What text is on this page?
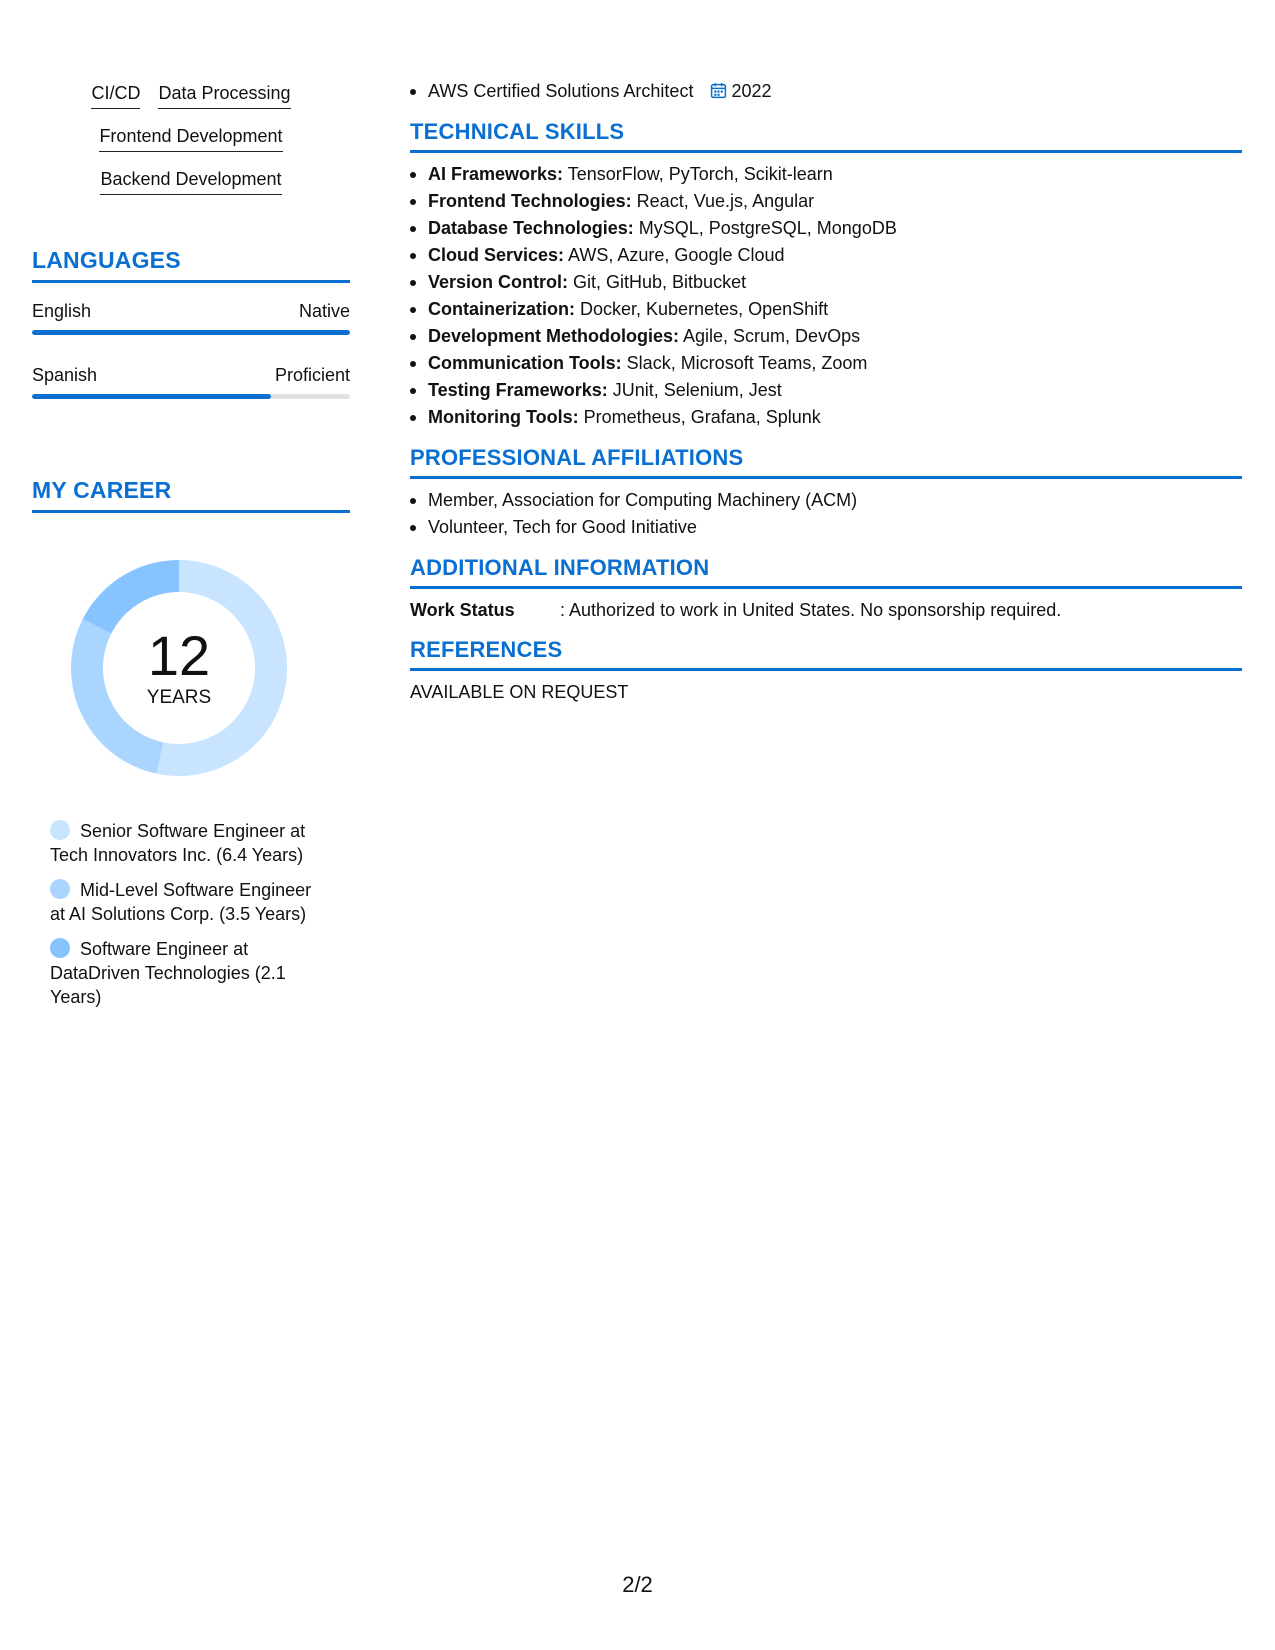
CI/CD Data Processing
Frontend Development
Backend Development
LANGUAGES
English	Native
Spanish	Proficient
MY CAREER
12
YEARS
Senior Software Engineer at Tech Innovators Inc. (6.4 Years)
Mid-Level Software Engineer at AI Solutions Corp. (3.5 Years)
Software Engineer at DataDriven Technologies (2.1 Years)
AWS Certified Solutions Architect 2022
TECHNICAL SKILLS
AI Frameworks: TensorFlow, PyTorch, Scikit-learn
Frontend Technologies: React, Vue.js, Angular
Database Technologies: MySQL, PostgreSQL, MongoDB
Cloud Services: AWS, Azure, Google Cloud
Version Control: Git, GitHub, Bitbucket
Containerization: Docker, Kubernetes, OpenShift
Development Methodologies: Agile, Scrum, DevOps
Communication Tools: Slack, Microsoft Teams, Zoom
Testing Frameworks: JUnit, Selenium, Jest
Monitoring Tools: Prometheus, Grafana, Splunk
PROFESSIONAL AFFILIATIONS
Member, Association for Computing Machinery (ACM)
Volunteer, Tech for Good Initiative
ADDITIONAL INFORMATION
Work Status	: Authorized to work in United States. No sponsorship required.
REFERENCES
AVAILABLE ON REQUEST
2/2
